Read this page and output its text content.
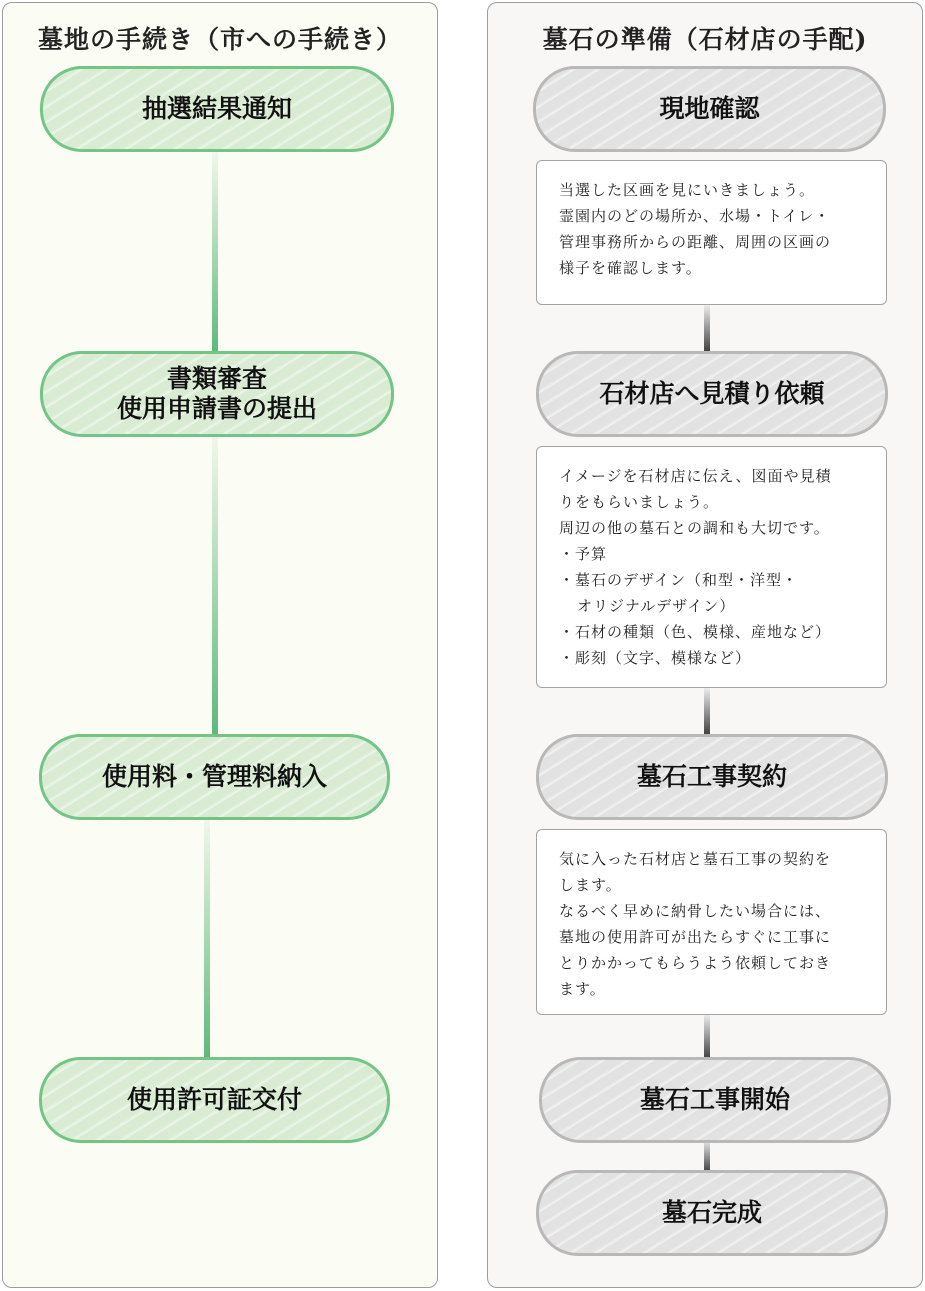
墓地の手続き（市への手続き）
抽選結果通知
書類審査
使用申請書の提出
使用料・管理料納入
使用許可証交付
墓石の準備（石材店の手配)
現地確認
当選した区画を見にいきましょう。
霊園内のどの場所か、水場・トイレ・
管理事務所からの距離、周囲の区画の
様子を確認します。
石材店へ見積り依頼
イメージを石材店に伝え、図面や見積
りをもらいましょう。
周辺の他の墓石との調和も大切です。
・予算
・墓石のデザイン（和型・洋型・
オリジナルデザイン）
・石材の種類（色、模様、産地など）
・彫刻（文字、模様など）
墓石工事契約
気に入った石材店と墓石工事の契約を
します。
なるべく早めに納骨したい場合には、
墓地の使用許可が出たらすぐに工事に
とりかかってもらうよう依頼しておき
ます。
墓石工事開始
墓石完成
